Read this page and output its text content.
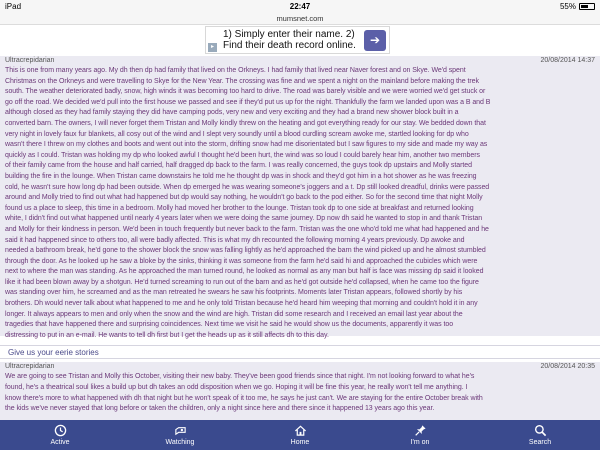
iPad	22:47	55%
mumsnet.com
1) Simply enter their name. 2)
Find their death record online.
▸	➔
Ultracrepidarian	20/08/2014 14:37
This is one from many years ago. My dh then dp had family that lived on the Orkneys. I had family that lived near Naver forest and on Skye. We'd spent
Christmas on the Orkneys and were travelling to Skye for the New Year. The crossing was fine and we spent a night on the mainland before making the trek
south. The weather deteriorated badly, snow, high winds it was becoming too hard to drive. The road was barely visible and we were worried we'd get stuck or
go off the road. We decided we'd pull into the first house we passed and see if they'd put us up for the night. Thankfully the farm we landed upon was a B and B
although closed as they had family staying they did have camping pods, very new and very exciting and they had a brand new shower block built in a
converted barn. The owners, I will never forget them Tristan and Molly kindly threw on the heating and got everything ready for our stay. We bedded down that
very night in lovely faux fur blankets, all cosy out of the wind and I slept very soundly until a blood curdling scream awoke me, startled looking for dp who
wasn't there I threw on my clothes and boots and went out into the storm, drifting snow had me disorientated but I saw figures to my side and made my way as
quickly as I could. Tristan was holding my dp who looked awful I thought he'd been hurt, the wind was so loud I could barely hear him, another two members
of their family came from the house and half carried, half dragged dp back to the farm. I was really concerned, the guys took dp upstairs and Molly started
building the fire in the lounge. When Tristan came downstairs he told me he thought dp was in shock and they'd got him in a hot shower as he was freezing
cold, he wasn't sure how long dp had been outside. When dp emerged he was wearing someone's joggers and a t. Dp still looked dreadful, drinks were passed
around and Molly tried to find out what had happened but dp would say nothing, he wouldn't go back to the pod either. So for the second time that night Molly
found us a place to sleep, this time in a bedroom. Molly had moved her brother to the lounge. Tristan took dp to one side at breakfast and returned looking
white, I didn't find out what happened until nearly 4 years later when we were doing the same journey. Dp now dh said he wanted to stop in and thank Tristan
and Molly for their kindness in person. We'd been in touch frequently but never back to the farm. Tristan was the one who'd told me what had happened and he
said it had happened since to others too, all were badly affected. This is what my dh recounted the following morning 4 years previously. Dp awoke and
needed a bathroom break, he'd gone to the shower block the snow was falling lightly as he'd approached the barn the wind picked up and he almost stumbled
through the door. As he looked up he saw a bloke by the sinks, thinking it was someone from the farm he'd said hi and approached the cubicles which were
next to where the man was standing. As he approached the man turned round, he looked as normal as any man but half is face was missing dp said it looked
like it had been blown away by a shotgun. He'd turned screaming to run out of the barn and as he'd got outside he'd collapsed, when he came too the figure
was standing over him, he screamed and as the man retreated he swears he saw his footprints. Moments later Tristan appears, followed shortly by his
brothers. Dh would never talk about what happened to me and he only told Tristan because he'd heard him weeping that morning and couldn't hold it in any
longer. It always appears to men and only when the snow and the wind are high. Tristan did some research and I received an email last year about the
tragedies that have happened there and surprising coincidences. Next time we visit he said he would show us the documents, apparently it was too
distressing to put in an e-mail. He wants to tell dh first but I get the heads up as it still affects dh to this day.
Give us your eerie stories
Ultracrepidarian	20/08/2014 20:35
We are going to see Tristan and Molly this October, visiting their new baby. They've been good friends since that night. I'm not looking forward to what he's
found, he's a theatrical soul likes a build up but dh takes an odd disposition when we go. Hoping it will be fine this year, he really won't tell me anything. I
know there's more to what happened with dh that night but he won't speak of it too me, he says he just can't. We are staying for the entire October break with
the kids we've never stayed that long before or taken the children, only a night since here and there since it happened 13 years ago this year.
Active	Watching	Home	I'm on	Search
